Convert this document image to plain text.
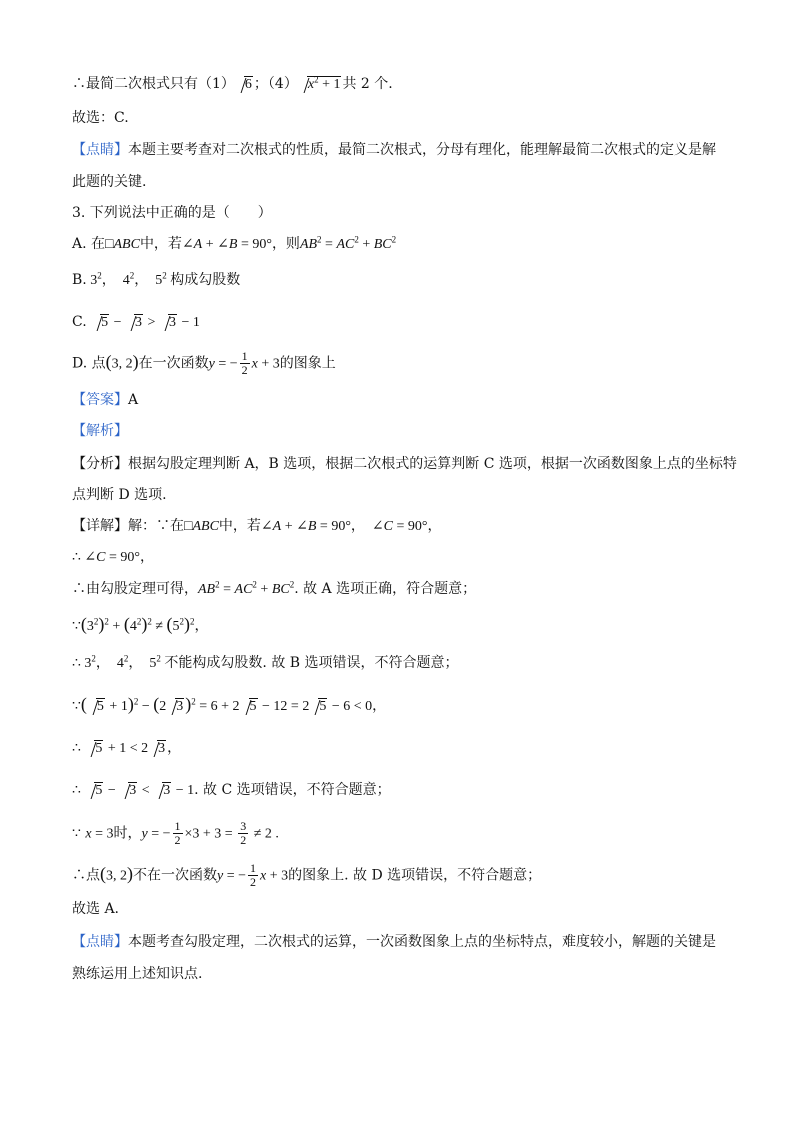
∴最简二次根式只有（1） 6 ；（4） $x^2 + 1$ 共 2 个.
故选：C.
【点睛】本题主要考查对二次根式的性质，最简二次根式，分母有理化，能理解最简二次根式的定义是解
此题的关键.
3. 下列说法中正确的是（　　）
A. 在□ABC中，若∠A + ∠B = 90°，则$AB^2 = AC^2 + BC^2$
B. $3^2$，　$4^2$，　$5^2$ 构成勾股数
C. 5 − 3 > 3 − 1
D. 点(3, 2)在一次函数y = − $\frac{1}{2}$ x + 3的图象上
【答案】A
【解析】
【分析】根据勾股定理判断 A，B 选项，根据二次根式的运算判断 C 选项，根据一次函数图象上点的坐标特
点判断 D 选项.
【详解】解：∵在□ABC中，若∠A + ∠B = 90°，　∠C = 90°，
∴ ∠C = 90°，
∴由勾股定理可得，$AB^2 = AC^2 + BC^2$. 故 A 选项正确，符合题意；
$\because(3^2)^2 + (4^2)^2 \ne (5^2)^2$，
∴ $3^2$，　$4^2$，　$5^2$ 不能构成勾股数. 故 B 选项错误，不符合题意；
∵( 5 + 1)$^2$ − (2 3 )$^2$ = 6 + 2 5 − 12 = 2 5 − 6 < 0，
∴ 5 + 1 < 2 3 ，
∴ 5 − 3 < 3 − 1. 故 C 选项错误，不符合题意；
∵ x = 3时，y = − $\frac{1}{2} \times 3 + 3 = \frac{3}{2} \ne 2$ .
∴点(3, 2)不在一次函数y = − $\frac{1}{2}$ x + 3的图象上. 故 D 选项错误，不符合题意；
故选 A.
【点睛】本题考查勾股定理，二次根式的运算，一次函数图象上点的坐标特点，难度较小，解题的关键是
熟练运用上述知识点.
